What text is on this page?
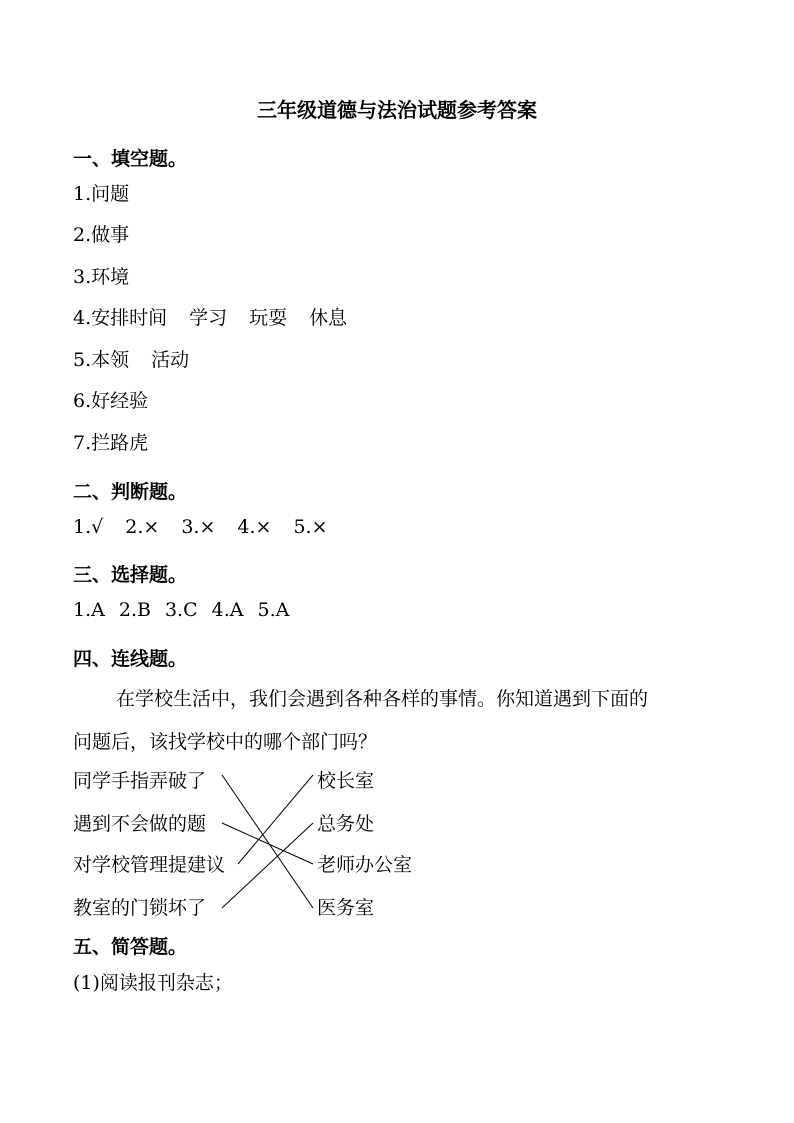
三年级道德与法治试题参考答案
一、填空题。
1.问题
2.做事
3.环境
4.安排时间 学习 玩耍 休息
5.本领 活动
6.好经验
7.拦路虎
二、判断题。
1.√ 2.× 3.× 4.× 5.×
三、选择题。
1.A 2.B 3.C 4.A 5.A
四、连线题。
在学校生活中，我们会遇到各种各样的事情。你知道遇到下面的
问题后，该找学校中的哪个部门吗？
同学手指弄破了
遇到不会做的题
对学校管理提建议
教室的门锁坏了
校长室
总务处
老师办公室
医务室
五、简答题。
(1)阅读报刊杂志；
